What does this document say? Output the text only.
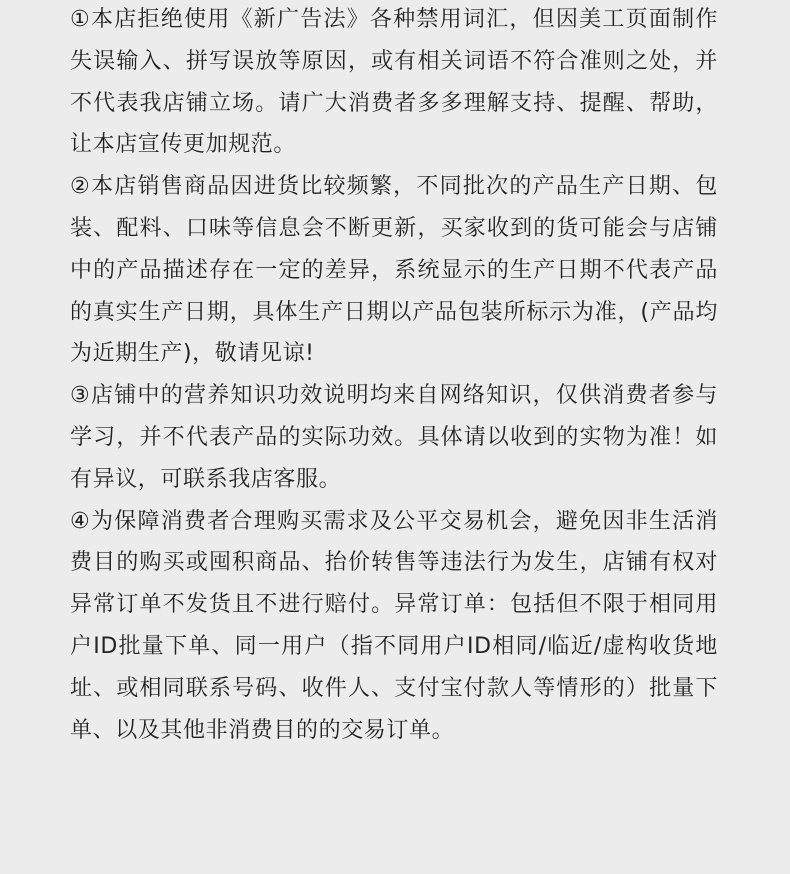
①本店拒绝使用《新广告法》各种禁用词汇，但因美工页面制作失误输入、拼写误放等原因，或有相关词语不符合准则之处，并不代表我店铺立场。请广大消费者多多理解支持、提醒、帮助，让本店宣传更加规范。

②本店销售商品因进货比较频繁，不同批次的产品生产日期、包装、配料、口味等信息会不断更新，买家收到的货可能会与店铺中的产品描述存在一定的差异，系统显示的生产日期不代表产品的真实生产日期，具体生产日期以产品包装所标示为准，(产品均为近期生产)，敬请见谅!

③店铺中的营养知识功效说明均来自网络知识，仅供消费者参与学习，并不代表产品的实际功效。具体请以收到的实物为准！如有异议，可联系我店客服。

④为保障消费者合理购买需求及公平交易机会，避免因非生活消费目的购买或囤积商品、抬价转售等违法行为发生，店铺有权对异常订单不发货且不进行赔付。异常订单：包括但不限于相同用户ID批量下单、同一用户（指不同用户ID相同/临近/虚构收货地址、或相同联系号码、收件人、支付宝付款人等情形的）批量下单、以及其他非消费目的的交易订单。
